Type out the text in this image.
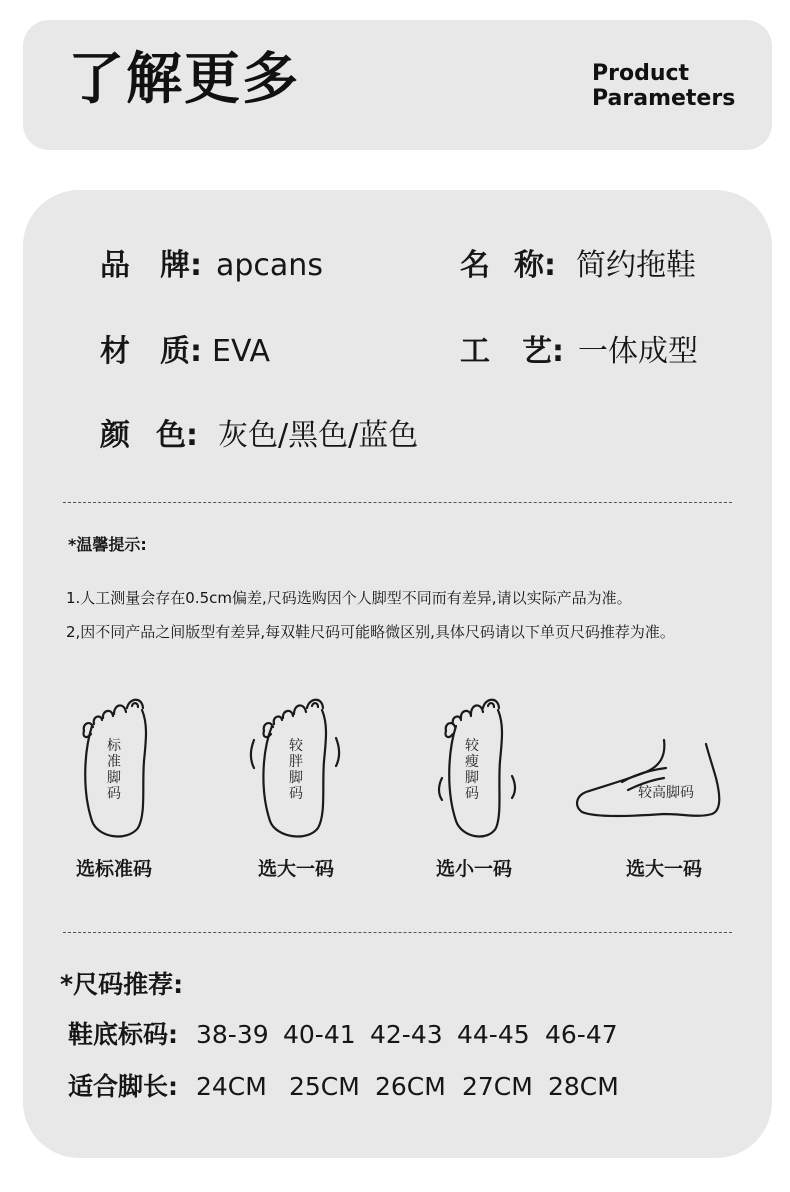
了解更多	Product
Parameters
品 牌: apcans	名 称: 简约拖鞋
材 质: EVA	工 艺: 一体成型
颜 色: 灰色/黑色/蓝色
*温馨提示:
1.人工测量会存在0.5cm偏差,尺码选购因个人脚型不同而有差异,请以实际产品为准。
2,因不同产品之间版型有差异,每双鞋尺码可能略微区别,具体尺码请以下单页尺码推荐为准。
标
准
脚
码
选标准码
较
胖
脚
码
选大一码
较
瘦
脚
码
选小一码
较高脚码
选大一码
*尺码推荐:
鞋底标码: 38-39 40-41 42-43 44-45 46-47
适合脚长: 24CM 25CM 26CM 27CM 28CM
